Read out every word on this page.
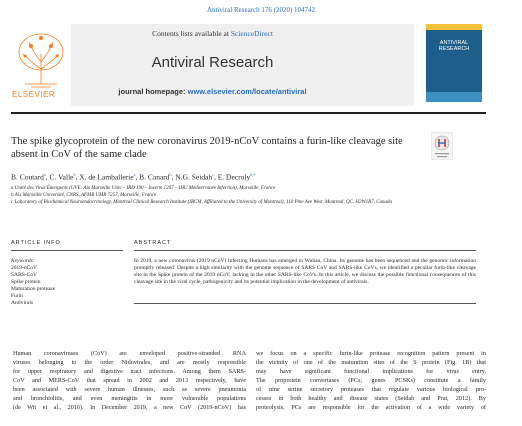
Antiviral Research 176 (2020) 104742
ELSEVIER
Contents lists available at ScienceDirect
Antiviral Research
journal homepage: www.elsevier.com/locate/antiviral
ANTIVIRAL RESEARCH
The spike glycoprotein of the new coronavirus 2019-nCoV contains a furin-like cleavage site absent in CoV of the same clade
B. Coutard$^a$, C. Valle$^b$, X. de Lamballerie$^a$, B. Canard$^b$, N.G. Seidah$^c$, E. Decroly$^{b,∗}$
a Unité des Virus Émergents (UVE: Aix Marseille Univ – IRD 190 – Inserm 1207 – IHU Méditerranée Infection), Marseille, France
b Aix Marseille Université, CNRS, AFMB UMR 7257, Marseille, France
c Laboratory of Biochemical Neuroendocrinology, Montreal Clinical Research Institute (IRCM, Affiliated to the University of Montreal), 110 Pine Ave West, Montreal, QC, H2W1R7, Canada
ARTICLE INFO	ABSTRACT
Keywords:
2019-nCoV
SARS-CoV
Spike protein
Maturation protease
Furin
Antivirals
In 2019, a new coronavirus (2019 nCoV) infecting Humans has emerged in Wuhan, China. Its genome has been sequenced and the genomic information promptly released. Despite a high similarity with the genome sequence of SARS CoV and SARS-like CoVs, we identified a peculiar furin-like cleavage site in the Spike protein of the 2019 nCoV, lacking in the other SARS-like CoVs. In this article, we discuss the possible functional consequences of this cleavage site in the viral cycle, pathogenicity and its potential implication in the development of antivirals.
Human coronaviruses (CoV) are enveloped positive-stranded RNA
viruses belonging to the order Nidovirales, and are mostly responsible
for upper respiratory and digestive tract infections. Among them SARS-
CoV and MERS-CoV that spread in 2002 and 2013 respectively, have
been associated with severe human illnesses, such as severe pneumonia
and bronchiolitis, and even meningitis in more vulnerable populations
(de Wit et al., 2016). In December 2019, a new CoV (2019-nCoV) has
we focus on a specific furin-like protease recognition pattern present in
the vicinity of one of the maturation sites of the S protein (Fig. 1B) that
may have significant functional implications for virus entry.
The proprotein convertases (PCs; genes PCSKs) constitute a family
of nine serine secretory proteases that regulate various biological pro-
cesses in both healthy and disease states (Seidah and Prat, 2012). By
proteolysis, PCs are responsible for the activation of a wide variety of
